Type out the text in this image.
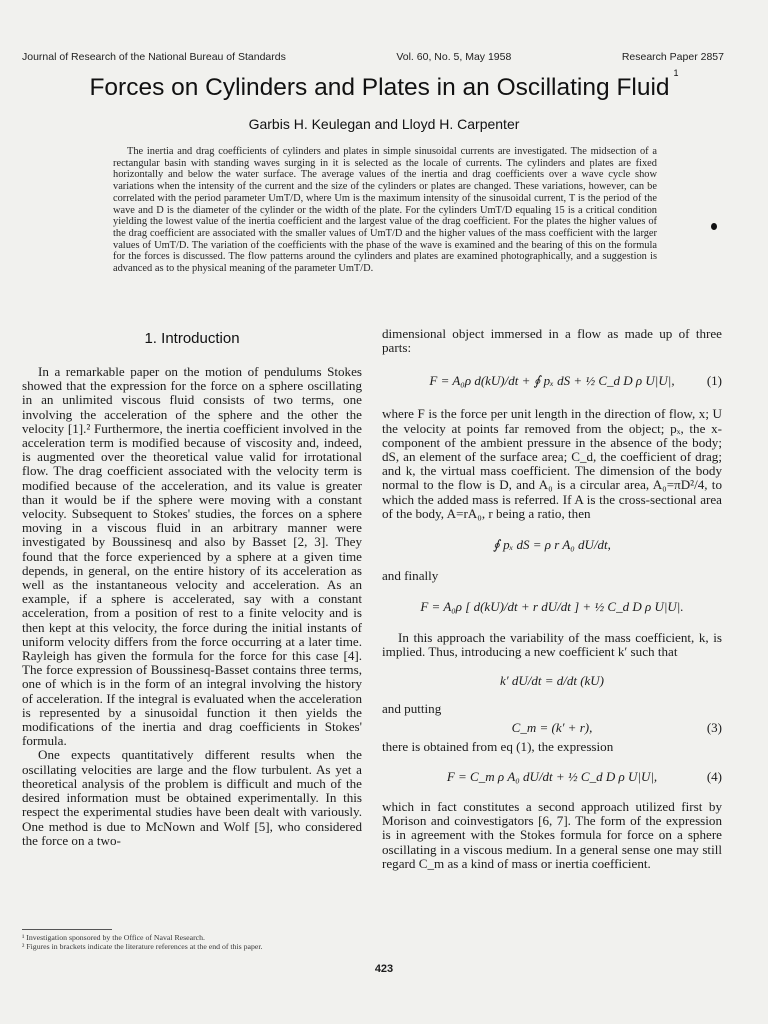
Journal of Research of the National Bureau of Standards	Vol. 60, No. 5, May 1958	Research Paper 2857
Forces on Cylinders and Plates in an Oscillating Fluid$^1$
Garbis H. Keulegan and Lloyd H. Carpenter
The inertia and drag coefficients of cylinders and plates in simple sinusoidal currents are investigated. The midsection of a rectangular basin with standing waves surging in it is selected as the locale of currents. The cylinders and plates are fixed horizontally and below the water surface. The average values of the inertia and drag coefficients over a wave cycle show variations when the intensity of the current and the size of the cylinders or plates are changed. These variations, however, can be correlated with the period parameter UmT/D, where Um is the maximum intensity of the sinusoidal current, T is the period of the wave and D is the diameter of the cylinder or the width of the plate. For the cylinders UmT/D equaling 15 is a critical condition yielding the lowest value of the inertia coefficient and the largest value of the drag coefficient. For the plates the higher values of the drag coefficient are associated with the smaller values of UmT/D and the higher values of the mass coefficient with the larger values of UmT/D. The variation of the coefficients with the phase of the wave is examined and the bearing of this on the formula for the forces is discussed. The flow patterns around the cylinders and plates are examined photographically, and a suggestion is advanced as to the physical meaning of the parameter UmT/D.
1. Introduction

In a remarkable paper on the motion of pendulums Stokes showed that the expression for the force on a sphere oscillating in an unlimited viscous fluid consists of two terms, one involving the acceleration of the sphere and the other the velocity [1].² Furthermore, the inertia coefficient involved in the acceleration term is modified because of viscosity and, indeed, is augmented over the theoretical value valid for irrotational flow. The drag coefficient associated with the velocity term is modified because of the acceleration, and its value is greater than it would be if the sphere were moving with a constant velocity. Subsequent to Stokes' studies, the forces on a sphere moving in a viscous fluid in an arbitrary manner were investigated by Boussinesq and also by Basset [2, 3]. They found that the force experienced by a sphere at a given time depends, in general, on the entire history of its acceleration as well as the instantaneous velocity and acceleration. As an example, if a sphere is accelerated, say with a constant acceleration, from a position of rest to a finite velocity and is then kept at this velocity, the force during the initial instants of uniform velocity differs from the force occurring at a later time. Rayleigh has given the formula for the force for this case [4]. The force expression of Boussinesq-Basset contains three terms, one of which is in the form of an integral involving the history of acceleration. If the integral is evaluated when the acceleration is represented by a sinusoidal function it then yields the modifications of the inertia and drag coefficients in Stokes' formula.

One expects quantitatively different results when the oscillating velocities are large and the flow turbulent. As yet a theoretical analysis of the problem is difficult and much of the desired information must be obtained experimentally. In this respect the experimental studies have been dealt with variously. One method is due to McNown and Wolf [5], who considered the force on a two-

dimensional object immersed in a flow as made up of three parts:

F = A₀ρ d(kU)/dt + ∮ pₓ dS + ½ C_d D ρ U|U|, (1)

where F is the force per unit length in the direction of flow, x; U the velocity at points far removed from the object; pₓ, the x-component of the ambient pressure in the absence of the body; dS, an element of the surface area; C_d, the coefficient of drag; and k, the virtual mass coefficient. The dimension of the body normal to the flow is D, and A₀ is a circular area, A₀=πD²/4, to which the added mass is referred. If A is the cross-sectional area of the body, A=rA₀, r being a ratio, then

∮ pₓ dS = ρ r A₀ dU/dt,

and finally

F = A₀ρ [ d(kU)/dt + r dU/dt ] + ½ C_d D ρ U|U|.

In this approach the variability of the mass coefficient, k, is implied. Thus, introducing a new coefficient k′ such that

k′ dU/dt = d/dt (kU)

and putting

C_m = (k′ + r),	(3)

there is obtained from eq (1), the expression

F = C_m ρ A₀ dU/dt + ½ C_d D ρ U|U|,	(4)

which in fact constitutes a second approach utilized first by Morison and coinvestigators [6, 7]. The form of the expression is in agreement with the Stokes formula for force on a sphere oscillating in a viscous medium. In a general sense one may still regard C_m as a kind of mass or inertia coefficient.

¹ Investigation sponsored by the Office of Naval Research.
² Figures in brackets indicate the literature references at the end of this paper.
423
